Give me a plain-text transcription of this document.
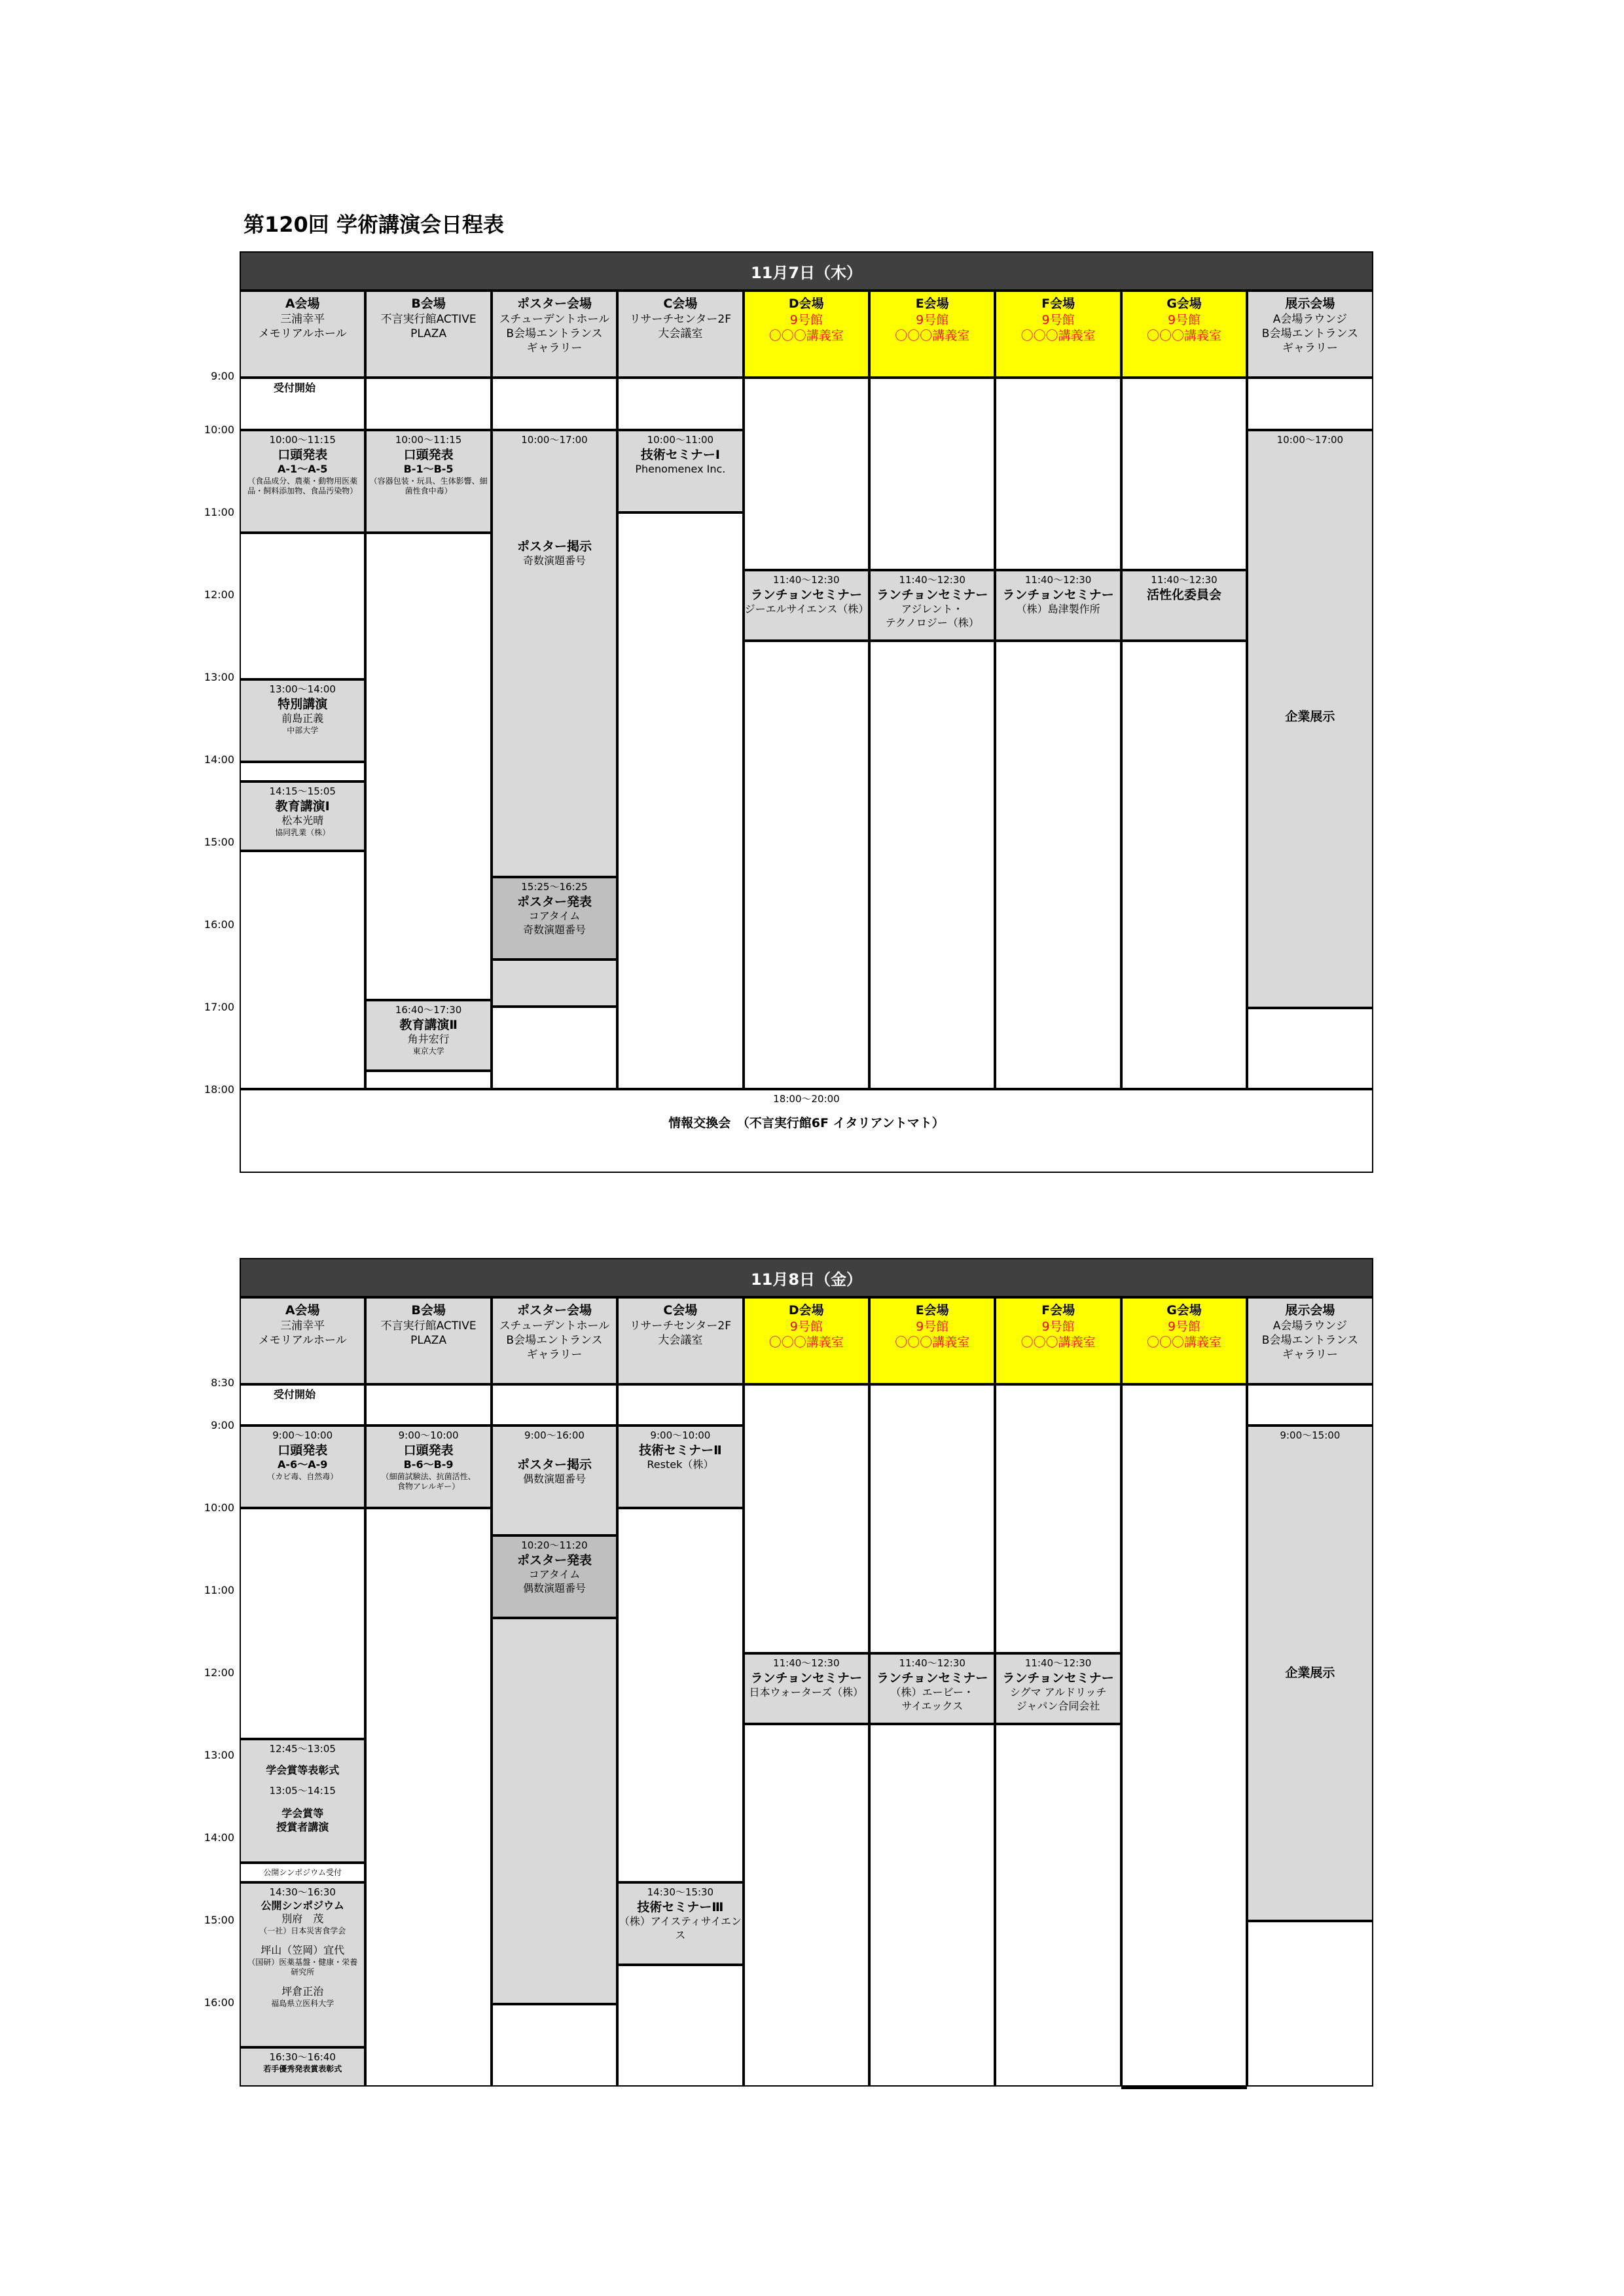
第120回 学術講演会日程表
11月7日（木）
A会場
三浦幸平
メモリアルホール
B会場
不言実行館ACTIVE
PLAZA
ポスター会場
スチューデントホール
B会場エントランス
ギャラリー
C会場
リサーチセンター2F
大会議室
D会場
9号館
〇〇〇講義室
E会場
9号館
〇〇〇講義室
F会場
9号館
〇〇〇講義室
G会場
9号館
〇〇〇講義室
展示会場
A会場ラウンジ
B会場エントランス
ギャラリー
受付開始
10:00～11:15
口頭発表
A-1～A-5
（食品成分、農薬・動物用医薬品・飼料添加物、食品汚染物）
13:00～14:00
特別講演
前島正義
中部大学
14:15～15:05
教育講演Ⅰ
松本光晴
協同乳業（株）
10:00～11:15
口頭発表
B-1～B-5
（容器包装・玩具、生体影響、細菌性食中毒）
16:40～17:30
教育講演Ⅱ
角井宏行
東京大学
10:00～17:00
ポスター掲示
奇数演題番号
15:25～16:25
ポスター発表
コアタイム
奇数演題番号
10:00～11:00
技術セミナーⅠ
Phenomenex Inc.
11:40～12:30
ランチョンセミナー
ジーエルサイエンス（株）
11:40～12:30
ランチョンセミナー
アジレント・
テクノロジー（株）
11:40～12:30
ランチョンセミナー
（株）島津製作所
11:40～12:30
活性化委員会
10:00～17:00
企業展示
18:00～20:00
情報交換会　（不言実行館6F イタリアントマト）
11月8日（金）
A会場
三浦幸平
メモリアルホール
B会場
不言実行館ACTIVE
PLAZA
ポスター会場
スチューデントホール
B会場エントランス
ギャラリー
C会場
リサーチセンター2F
大会議室
D会場
9号館
〇〇〇講義室
E会場
9号館
〇〇〇講義室
F会場
9号館
〇〇〇講義室
G会場
9号館
〇〇〇講義室
展示会場
A会場ラウンジ
B会場エントランス
ギャラリー
受付開始
9:00～10:00
口頭発表
A-6～A-9
（カビ毒、自然毒）
12:45～13:05
学会賞等表彰式
13:05～14:15
学会賞等
授賞者講演
公開シンポジウム受付
14:30～16:30
公開シンポジウム
別府　茂
（一社）日本災害食学会
坪山（笠岡）宜代
（国研）医薬基盤・健康・栄養
研究所
坪倉正治
福島県立医科大学
16:30～16:40
若手優秀発表賞表彰式
9:00～10:00
口頭発表
B-6～B-9
（細菌試験法、抗菌活性、
食物アレルギー）
9:00～16:00
ポスター掲示
偶数演題番号
10:20～11:20
ポスター発表
コアタイム
偶数演題番号
9:00～10:00
技術セミナーⅡ
Restek（株）
14:30～15:30
技術セミナーⅢ
（株）アイスティサイエンス
11:40～12:30
ランチョンセミナー
日本ウォーターズ（株）
11:40～12:30
ランチョンセミナー
（株）エービー・
サイエックス
11:40～12:30
ランチョンセミナー
シグマ アルドリッチ
ジャパン合同会社
9:00～15:00
企業展示
9:00
10:00
11:00
12:00
13:00
14:00
15:00
16:00
17:00
18:00
8:30
9:00
10:00
11:00
12:00
13:00
14:00
15:00
16:00
